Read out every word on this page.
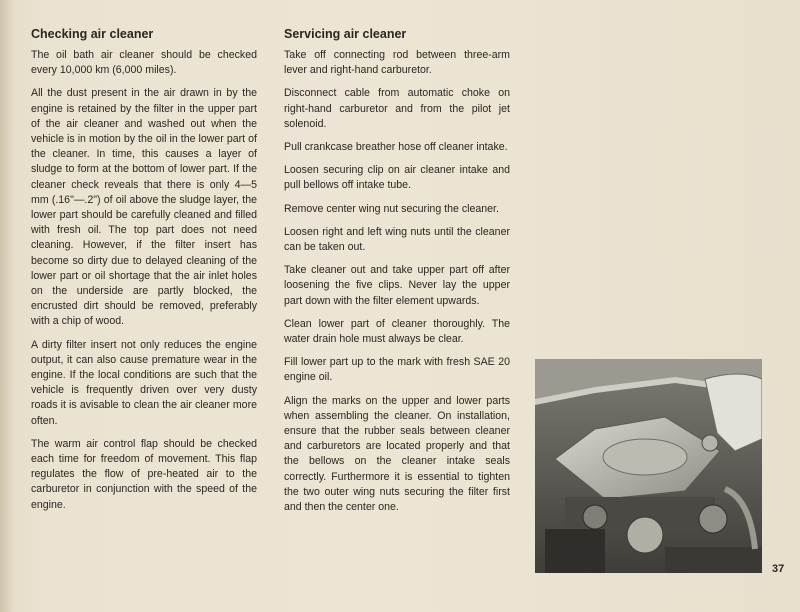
Checking air cleaner

The oil bath air cleaner should be checked every 10,000 km (6,000 miles).

All the dust present in the air drawn in by the engine is retained by the filter in the upper part of the air cleaner and washed out when the vehicle is in motion by the oil in the lower part of the cleaner. In time, this causes a layer of sludge to form at the bottom of lower part. If the cleaner check reveals that there is only 4—5 mm (.16"—.2") of oil above the sludge layer, the lower part should be carefully cleaned and filled with fresh oil. The top part does not need cleaning. However, if the filter insert has become so dirty due to delayed cleaning of the lower part or oil shortage that the air inlet holes on the underside are partly blocked, the encrusted dirt should be removed, preferably with a chip of wood.

A dirty filter insert not only reduces the engine output, it can also cause premature wear in the engine. If the local conditions are such that the vehicle is frequently driven over very dusty roads it is avisable to clean the air cleaner more often.

The warm air control flap should be checked each time for freedom of movement. This flap regulates the flow of pre-heated air to the carburetor in conjunction with the speed of the engine.

Servicing air cleaner

Take off connecting rod between three-arm lever and right-hand carburetor.

Disconnect cable from automatic choke on right-hand carburetor and from the pilot jet solenoid.

Pull crankcase breather hose off cleaner intake.

Loosen securing clip on air cleaner intake and pull bellows off intake tube.

Remove center wing nut securing the cleaner.

Loosen right and left wing nuts until the cleaner can be taken out.

Take cleaner out and take upper part off after loosening the five clips. Never lay the upper part down with the filter element upwards.

Clean lower part of cleaner thoroughly. The water drain hole must always be clear.

Fill lower part up to the mark with fresh SAE 20 engine oil.

Align the marks on the upper and lower parts when assembling the cleaner. On installation, ensure that the rubber seals between cleaner and carburetors are located properly and that the bellows on the cleaner intake seals correctly. Furthermore it is essential to tighten the two outer wing nuts securing the filter first and then the center one.

37
